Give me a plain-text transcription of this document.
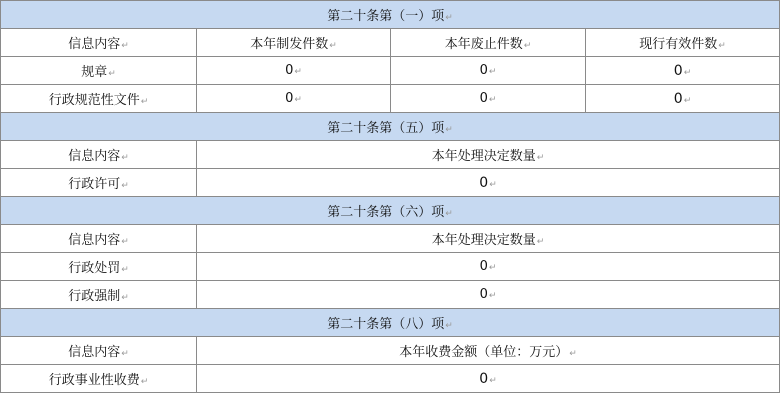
第二十条第（一）项↵			
信息内容↵	本年制发件数↵	本年废止件数↵	现行有效件数↵
规章↵	0↵	0↵	0↵
行政规范性文件↵	0↵	0↵	0↵
第二十条第（五）项↵			
信息内容↵	本年处理决定数量↵		
行政许可↵	0↵		
第二十条第（六）项↵			
信息内容↵	本年处理决定数量↵		
行政处罚↵	0↵		
行政强制↵	0↵		
第二十条第（八）项↵			
信息内容↵	本年收费金额（单位：万元）↵		
行政事业性收费↵	0↵		
